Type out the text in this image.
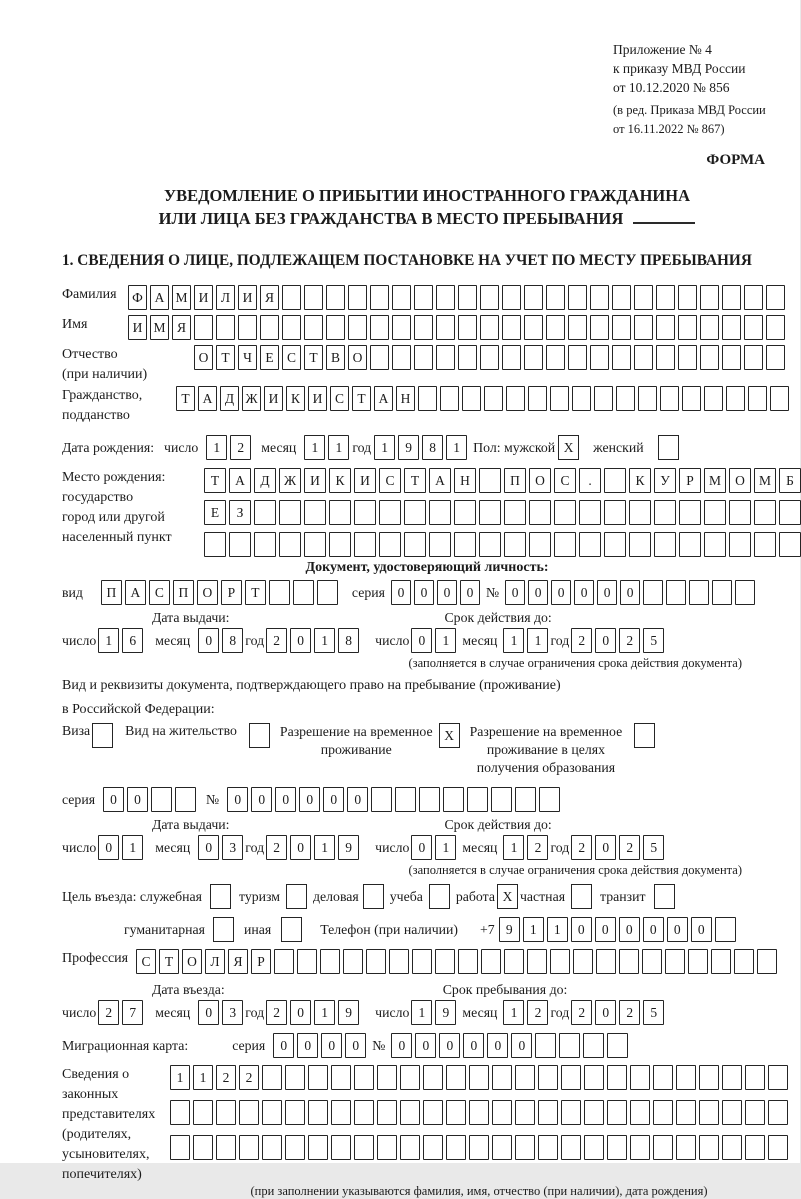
Приложение № 4
к приказу МВД России
от 10.12.2020 № 856
(в ред. Приказа МВД России
от 16.11.2022 № 867)
ФОРМА
УВЕДОМЛЕНИЕ О ПРИБЫТИИ ИНОСТРАННОГО ГРАЖДАНИНА
ИЛИ ЛИЦА БЕЗ ГРАЖДАНСТВА В МЕСТО ПРЕБЫВАНИЯ
1. СВЕДЕНИЯ О ЛИЦЕ, ПОДЛЕЖАЩЕМ ПОСТАНОВКЕ НА УЧЕТ ПО МЕСТУ ПРЕБЫВАНИЯ
Фамилия	Ф А М И Л И Я
Имя	И М Я
Отчество
(при наличии)
О Т Ч Е С Т В О
Гражданство,
подданство
Т А Д Ж И К И С Т А Н
Дата рождения: число	1	2	месяц	1	1 год 1	9	8	1 Пол: мужской X	женский
Место рождения:
государство
город или другой
населенный пункт
Т	А	Д	Ж	И	К	И	С	Т	А	Н	П	О	С	.	К	У	Р	М	О	М	Б
Е	З
Документ, удостоверяющий личность:
вид	П	А	С	П	О	Р	Т	серия 0	0	0	0 № 0	0	0	0	0	0
Дата выдачи:	Срок действия до:
число 1	6	месяц	0	8 год 2	0	1	8	число 0	1 месяц 1	1 год 2	0	2	5
(заполняется в случае ограничения срока действия документа)
Вид и реквизиты документа, подтверждающего право на пребывание (проживание)
в Российской Федерации:
Виза	Вид на жительство	Разрешение на временное
проживание
X	Разрешение на временное
проживание в целях
получения образования
серия	0	0	№	0	0	0	0	0	0
Дата выдачи:	Срок действия до:
число 0	1	месяц	0	3 год 2	0	1	9	число 0	1 месяц 1	2 год 2	0	2	5
(заполняется в случае ограничения срока действия документа)
Цель въезда: служебная	туризм деловая учеба работа X частная	транзит
гуманитарная	иная	Телефон (при наличии) +7 9	1	1	0	0	0	0	0	0
Профессия С	Т	О	Л	Я	Р
Дата въезда:	Срок пребывания до:
число 2	7	месяц	0	3 год 2	0	1	9	число 1	9 месяц 1	2 год 2	0	2	5
Миграционная карта:	серия	0	0	0	0 № 0	0	0	0	0	0
Сведения о
законных
представителях
(родителях,
усыновителях,
попечителях)
1	1	2	2
(при заполнении указываются фамилия, имя, отчество (при наличии), дата рождения)
